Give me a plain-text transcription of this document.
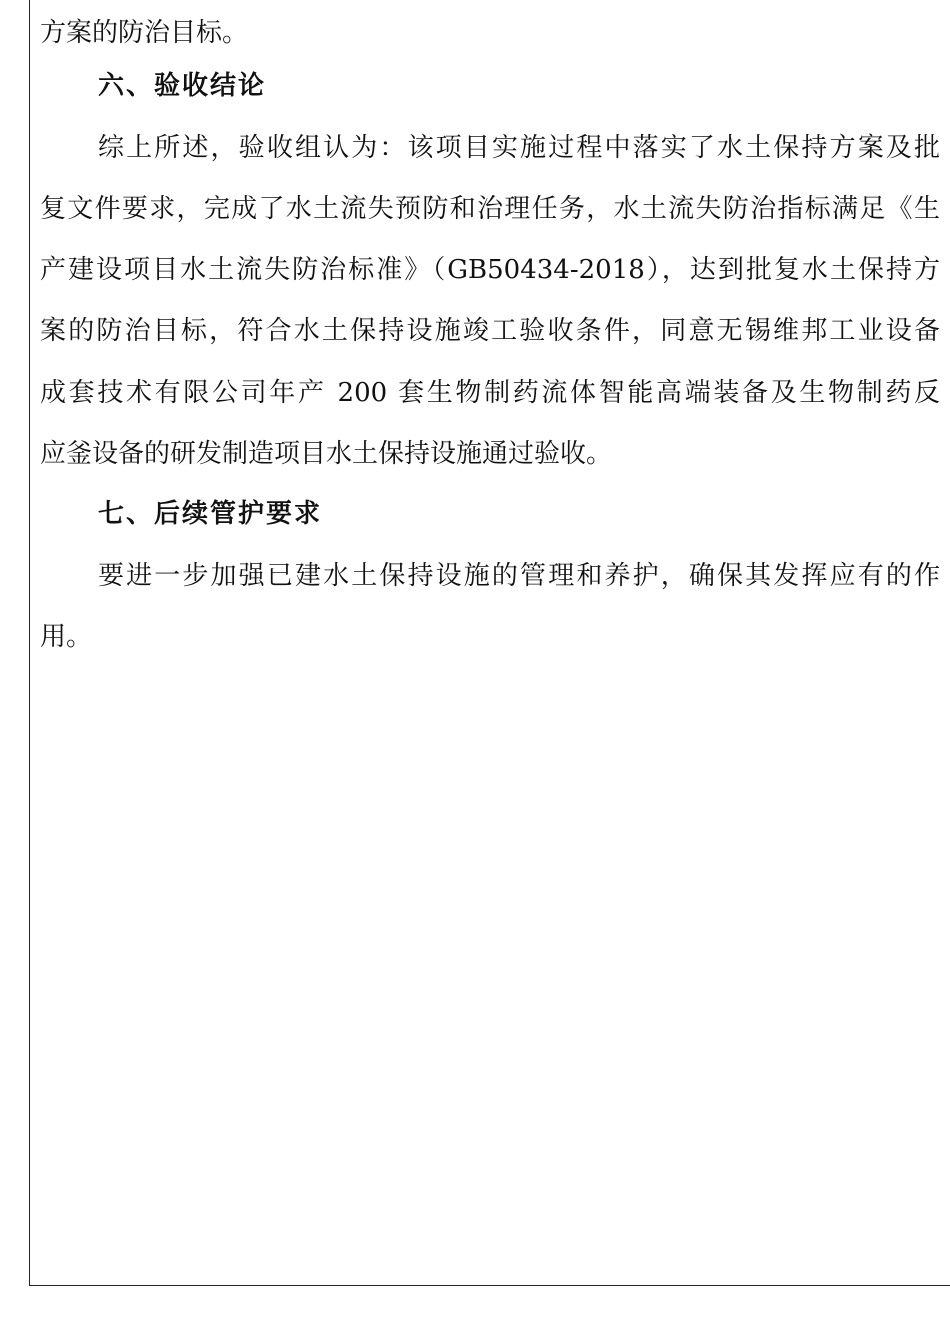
方案的防治目标。
六、验收结论
综上所述，验收组认为：该项目实施过程中落实了水土保持方案及批
复文件要求，完成了水土流失预防和治理任务，水土流失防治指标满足《生
产建设项目水土流失防治标准》（GB50434-2018），达到批复水土保持方
案的防治目标，符合水土保持设施竣工验收条件，同意无锡维邦工业设备
成套技术有限公司年产 200 套生物制药流体智能高端装备及生物制药反
应釜设备的研发制造项目水土保持设施通过验收。
七、后续管护要求
要进一步加强已建水土保持设施的管理和养护，确保其发挥应有的作
用。
